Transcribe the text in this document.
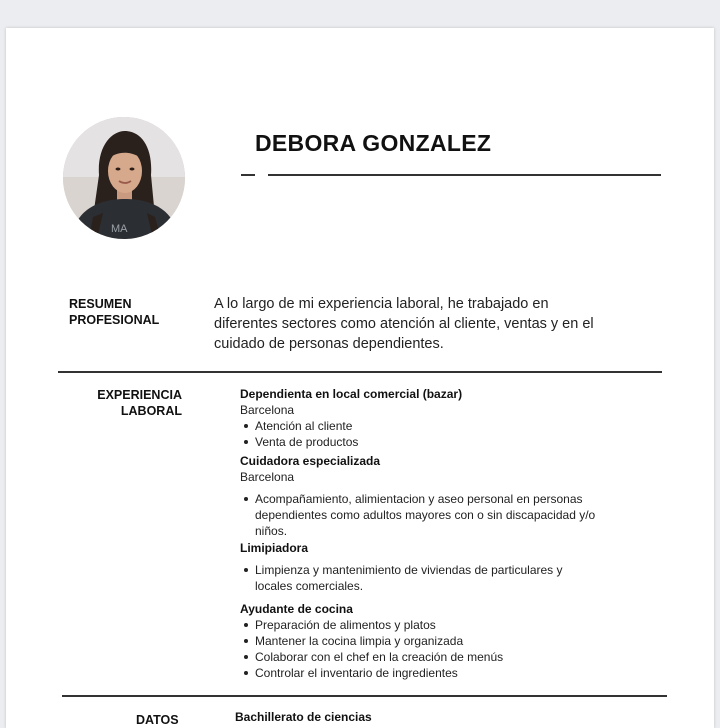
MA
DEBORA GONZALEZ
RESUMEN
PROFESIONAL
A lo largo de mi experiencia laboral, he trabajado en diferentes sectores como atención al cliente, ventas y en el cuidado de personas dependientes.
EXPERIENCIA
LABORAL
Dependienta en local comercial (bazar)
Barcelona
Atención al cliente
Venta de productos
Cuidadora especializada
Barcelona
Acompañamiento, alimientacion y aseo personal en personas dependientes como adultos mayores con o sin discapacidad y/o niños.
Limipiadora
Limpienza y mantenimiento de viviendas de particulares y locales comerciales.
Ayudante de cocina
Preparación de alimentos y platos
Mantener la cocina limpia y organizada
Colaborar con el chef en la creación de menús
Controlar el inventario de ingredientes
DATOS	Bachillerato de ciencias
